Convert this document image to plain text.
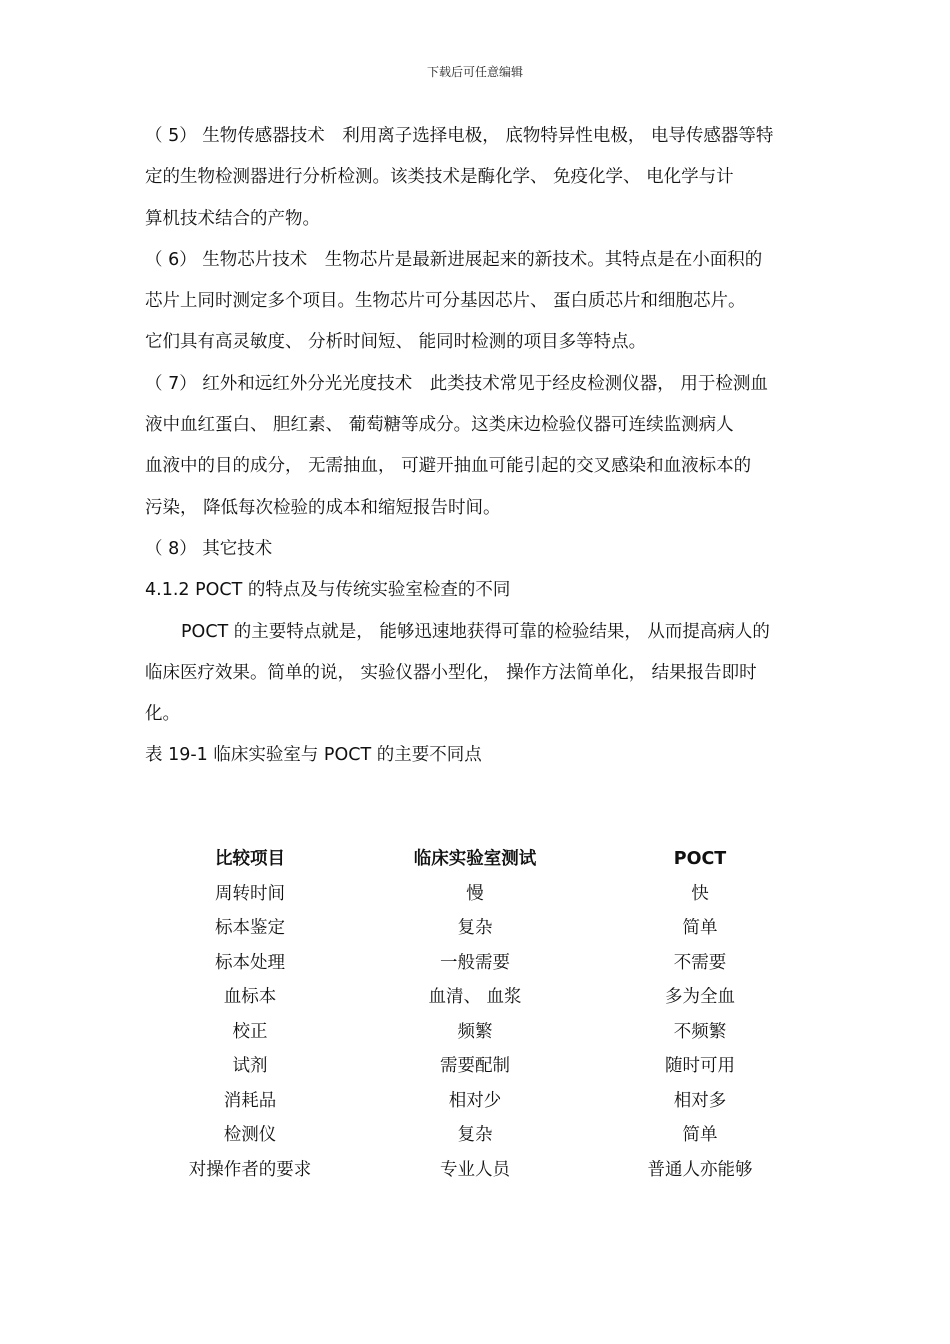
下载后可任意编辑
（ 5） 生物传感器技术　利用离子选择电极， 底物特异性电极， 电导传感器等特
定的生物检测器进行分析检测。该类技术是酶化学、 免疫化学、 电化学与计
算机技术结合的产物。
（ 6） 生物芯片技术　生物芯片是最新进展起来的新技术。其特点是在小面积的
芯片上同时测定多个项目。生物芯片可分基因芯片、 蛋白质芯片和细胞芯片。
它们具有高灵敏度、 分析时间短、 能同时检测的项目多等特点。
（ 7） 红外和远红外分光光度技术　此类技术常见于经皮检测仪器， 用于检测血
液中血红蛋白、 胆红素、 葡萄糖等成分。这类床边检验仪器可连续监测病人
血液中的目的成分， 无需抽血， 可避开抽血可能引起的交叉感染和血液标本的
污染， 降低每次检验的成本和缩短报告时间。
（ 8） 其它技术
4.1.2 POCT 的特点及与传统实验室检查的不同
POCT 的主要特点就是， 能够迅速地获得可靠的检验结果， 从而提高病人的
临床医疗效果。简单的说， 实验仪器小型化， 操作方法简单化， 结果报告即时
化。
表 19-1 临床实验室与 POCT 的主要不同点
比较项目	临床实验室测试	POCT
周转时间	慢	快
标本鉴定	复杂	简单
标本处理	一般需要	不需要
血标本	血清、 血浆	多为全血
校正	频繁	不频繁
试剂	需要配制	随时可用
消耗品	相对少	相对多
检测仪	复杂	简单
对操作者的要求	专业人员	普通人亦能够
